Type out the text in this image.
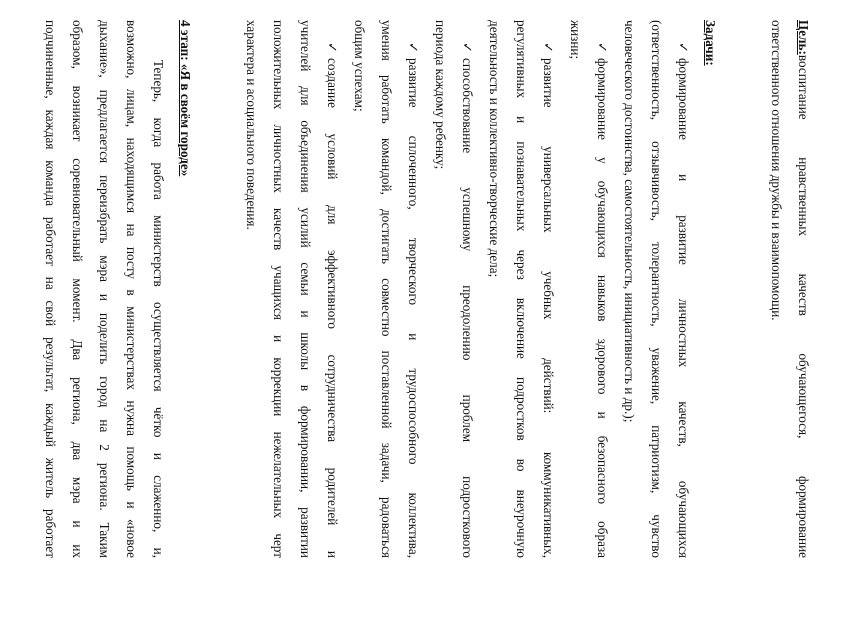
Цель:воспитание нравственных качеств обучающегося, формирование
ответственного отношения дружбы и взаимопомощи.
Задачи:
✓формирование и развитие личностных качеств, обучающихся
(ответственность, отзывчивость, толерантность, уважение, патриотизм, чувство
человеческого достоинства, самостоятельность, инициативность и др.);
✓формирование у обучающихся навыков здорового и безопасного образа
жизни;
✓развитие универсальных учебных действий: коммуникативных,
регулятивных и познавательных через включение подростков во внеурочную
деятельность и коллективно-творческие дела;
✓способствование успешному преодолению проблем подросткового
периода каждому ребенку;
✓развитие сплоченного, творческого и трудоспособного коллектива,
умения работать командой, достигать совместно поставленной задачи, радоваться
общим успехам;
✓создание условий для эффективного сотрудничества родителей и
учителей для объединения усилий семьи и школы в формировании, развитии
положительных личностных качеств учащихся и коррекции нежелательных черт
характера и асоциального поведения.
4 этап: «Я в своём городе»
Теперь, когда работа министерств осуществляется чётко и слаженно, и,
возможно, лицам, находящимся на посту в министерствах нужна помощь и «новое
дыхание», предлагается переизбрать мэра и поделить город на 2 региона. Таким
образом, возникает соревновательный момент. Два региона, два мэра и их
подчиненные, каждая команда работает на свой результат, каждый житель работает
